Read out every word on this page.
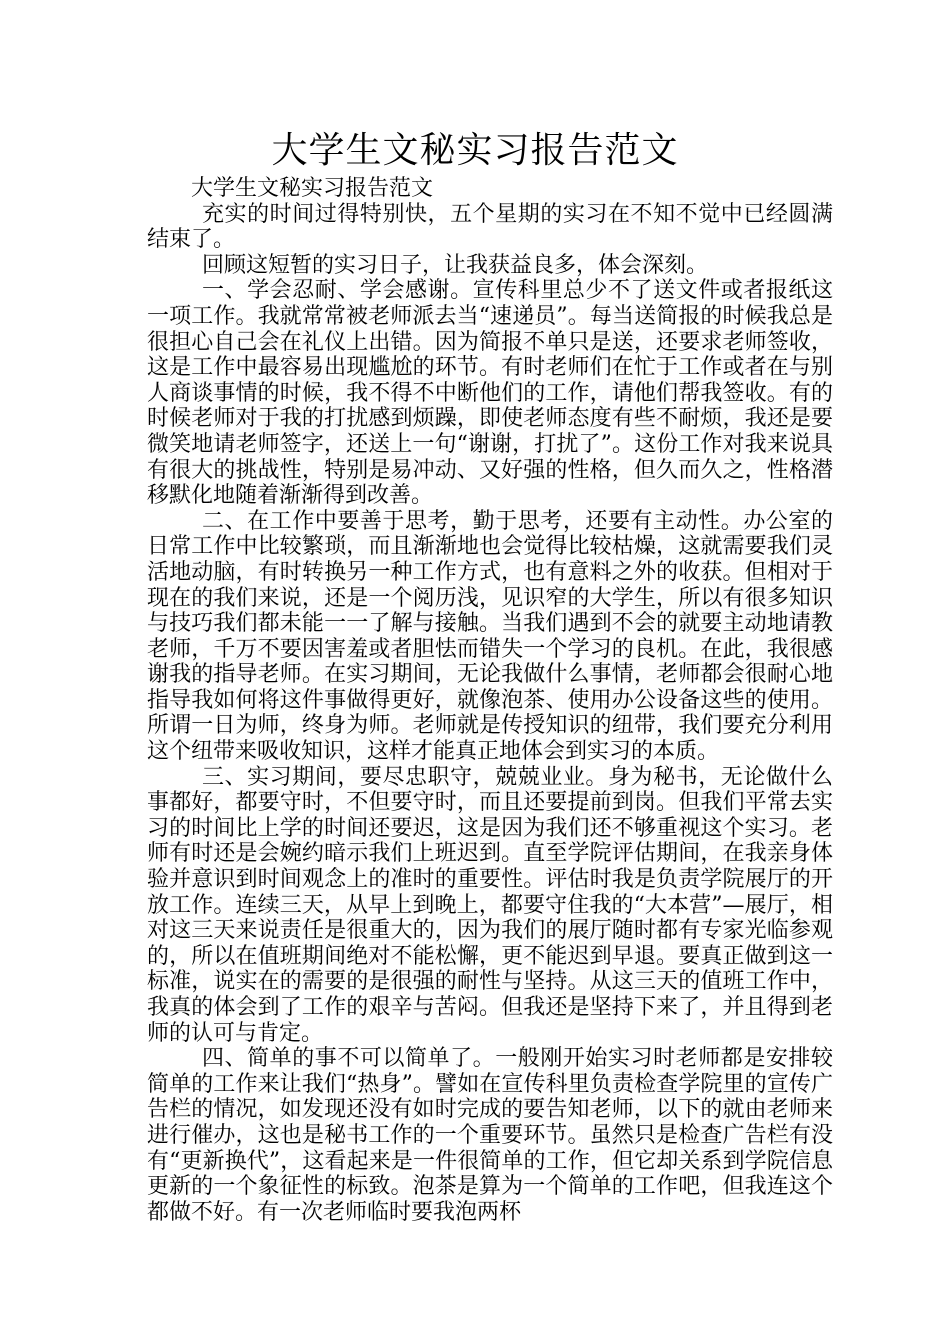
大学生文秘实习报告范文

大学生文秘实习报告范文

充实的时间过得特别快，五个星期的实习在不知不觉中已经圆满结束了。

回顾这短暂的实习日子，让我获益良多，体会深刻。

一、学会忍耐、学会感谢。宣传科里总少不了送文件或者报纸这一项工作。我就常常被老师派去当“速递员”。每当送简报的时候我总是很担心自己会在礼仪上出错。因为简报不单只是送，还要求老师签收，这是工作中最容易出现尴尬的环节。有时老师们在忙于工作或者在与别人商谈事情的时候，我不得不中断他们的工作，请他们帮我签收。有的时候老师对于我的打扰感到烦躁，即使老师态度有些不耐烦，我还是要微笑地请老师签字，还送上一句“谢谢，打扰了”。这份工作对我来说具有很大的挑战性，特别是易冲动、又好强的性格，但久而久之，性格潜移默化地随着渐渐得到改善。

二、在工作中要善于思考，勤于思考，还要有主动性。办公室的日常工作中比较繁琐，而且渐渐地也会觉得比较枯燥，这就需要我们灵活地动脑，有时转换另一种工作方式，也有意料之外的收获。但相对于现在的我们来说，还是一个阅历浅，见识窄的大学生，所以有很多知识与技巧我们都未能一一了解与接触。当我们遇到不会的就要主动地请教老师，千万不要因害羞或者胆怯而错失一个学习的良机。在此，我很感谢我的指导老师。在实习期间，无论我做什么事情，老师都会很耐心地指导我如何将这件事做得更好，就像泡茶、使用办公设备这些的使用。所谓一日为师，终身为师。老师就是传授知识的纽带，我们要充分利用这个纽带来吸收知识，这样才能真正地体会到实习的本质。

三、实习期间，要尽忠职守，兢兢业业。身为秘书，无论做什么事都好，都要守时，不但要守时，而且还要提前到岗。但我们平常去实习的时间比上学的时间还要迟，这是因为我们还不够重视这个实习。老师有时还是会婉约暗示我们上班迟到。直至学院评估期间，在我亲身体验并意识到时间观念上的准时的重要性。评估时我是负责学院展厅的开放工作。连续三天，从早上到晚上，都要守住我的“大本营”—展厅，相对这三天来说责任是很重大的，因为我们的展厅随时都有专家光临参观的，所以在值班期间绝对不能松懈，更不能迟到早退。要真正做到这一标准，说实在的需要的是很强的耐性与坚持。从这三天的值班工作中，我真的体会到了工作的艰辛与苦闷。但我还是坚持下来了，并且得到老师的认可与肯定。

四、简单的事不可以简单了。一般刚开始实习时老师都是安排较简单的工作来让我们“热身”。譬如在宣传科里负责检查学院里的宣传广告栏的情况，如发现还没有如时完成的要告知老师，以下的就由老师来进行催办，这也是秘书工作的一个重要环节。虽然只是检查广告栏有没有“更新换代”，这看起来是一件很简单的工作，但它却关系到学院信息更新的一个象征性的标致。泡茶是算为一个简单的工作吧，但我连这个都做不好。有一次老师临时要我泡两杯
